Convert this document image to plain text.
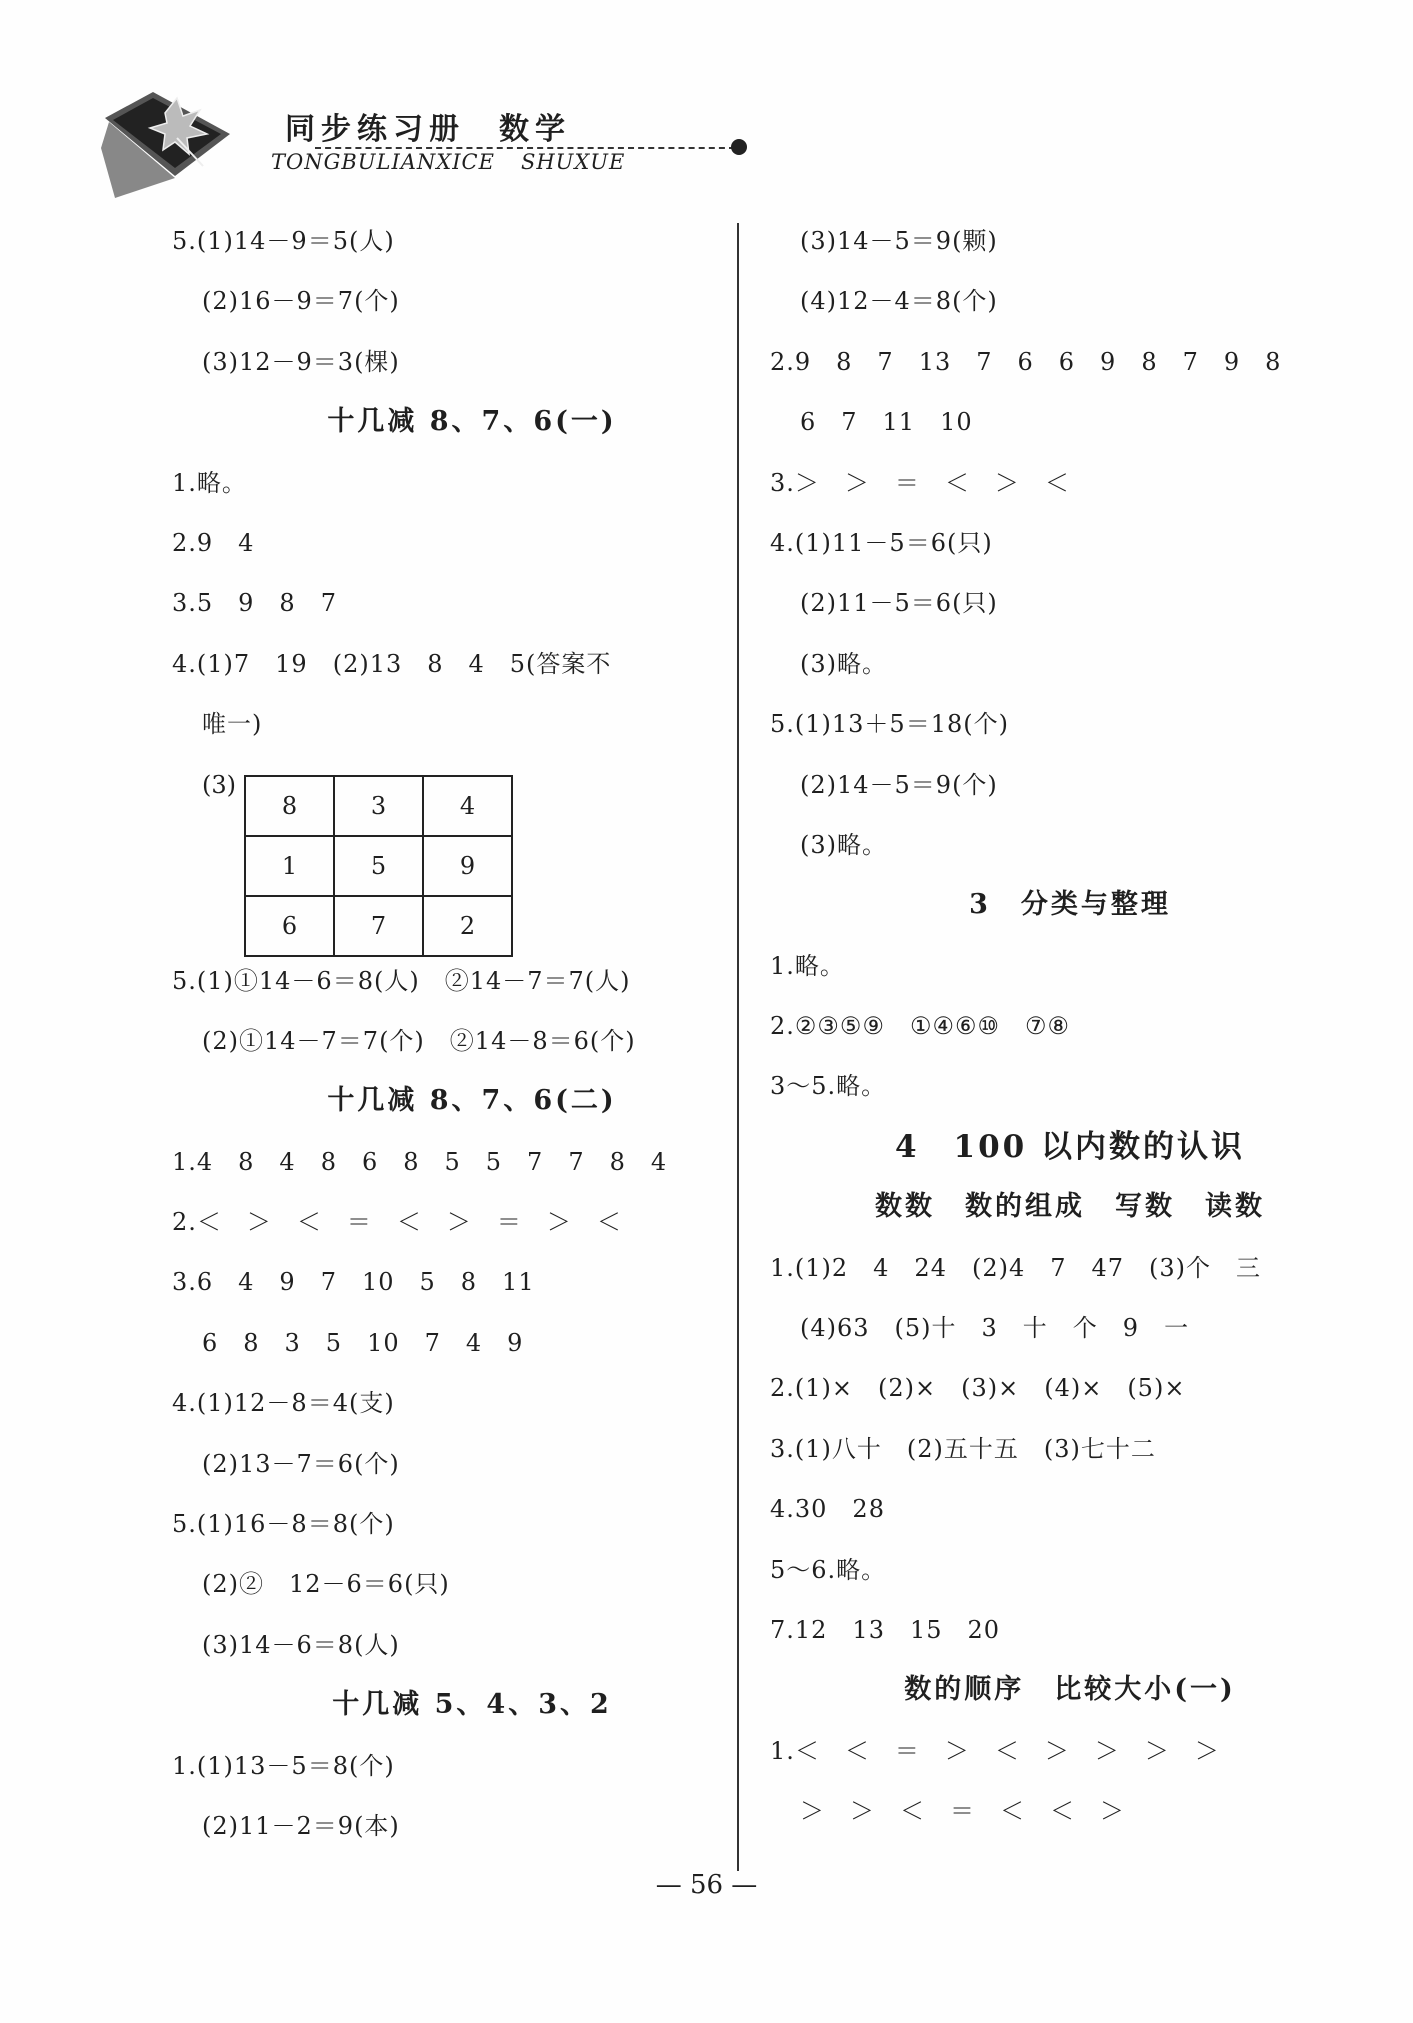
同步练习册 数学
TONGBULIANXICE SHUXUE
5.(1)14－9＝5(人)
(2)16－9＝7(个)
(3)12－9＝3(棵)
十几减 8、7、6(一)
1.略。
2.9　4
3.5　9　8　7
4.(1)7　19　(2)13　8　4　5(答案不
唯一)
(3)
8	3	4
1	5	9
6	7	2
5.(1)①14－6＝8(人)　②14－7＝7(人)
(2)①14－7＝7(个)　②14－8＝6(个)
十几减 8、7、6(二)
1.4　8　4　8　6　8　5　5　7　7　8　4
2.＜　＞　＜　＝　＜　＞　＝　＞　＜
3.6　4　9　7　10　5　8　11
6　8　3　5　10　7　4　9
4.(1)12－8＝4(支)
(2)13－7＝6(个)
5.(1)16－8＝8(个)
(2)②　12－6＝6(只)
(3)14－6＝8(人)
十几减 5、4、3、2
1.(1)13－5＝8(个)
(2)11－2＝9(本)
(3)14－5＝9(颗)
(4)12－4＝8(个)
2.9　8　7　13　7　6　6　9　8　7　9　8
6　7　11　10
3.＞　＞　＝　＜　＞　＜
4.(1)11－5＝6(只)
(2)11－5＝6(只)
(3)略。
5.(1)13＋5＝18(个)
(2)14－5＝9(个)
(3)略。
3　分类与整理
1.略。
2.②③⑤⑨　①④⑥⑩　⑦⑧
3～5.略。
4　100 以内数的认识
数数　数的组成　写数　读数
1.(1)2　4　24　(2)4　7　47　(3)个　三
(4)63　(5)十　3　十　个　9　一
2.(1)×　(2)×　(3)×　(4)×　(5)×
3.(1)八十　(2)五十五　(3)七十二
4.30　28
5～6.略。
7.12　13　15　20
数的顺序　比较大小(一)
1.＜　＜　＝　＞　＜　＞　＞　＞　＞
＞　＞　＜　＝　＜　＜　＞
— 56 —
